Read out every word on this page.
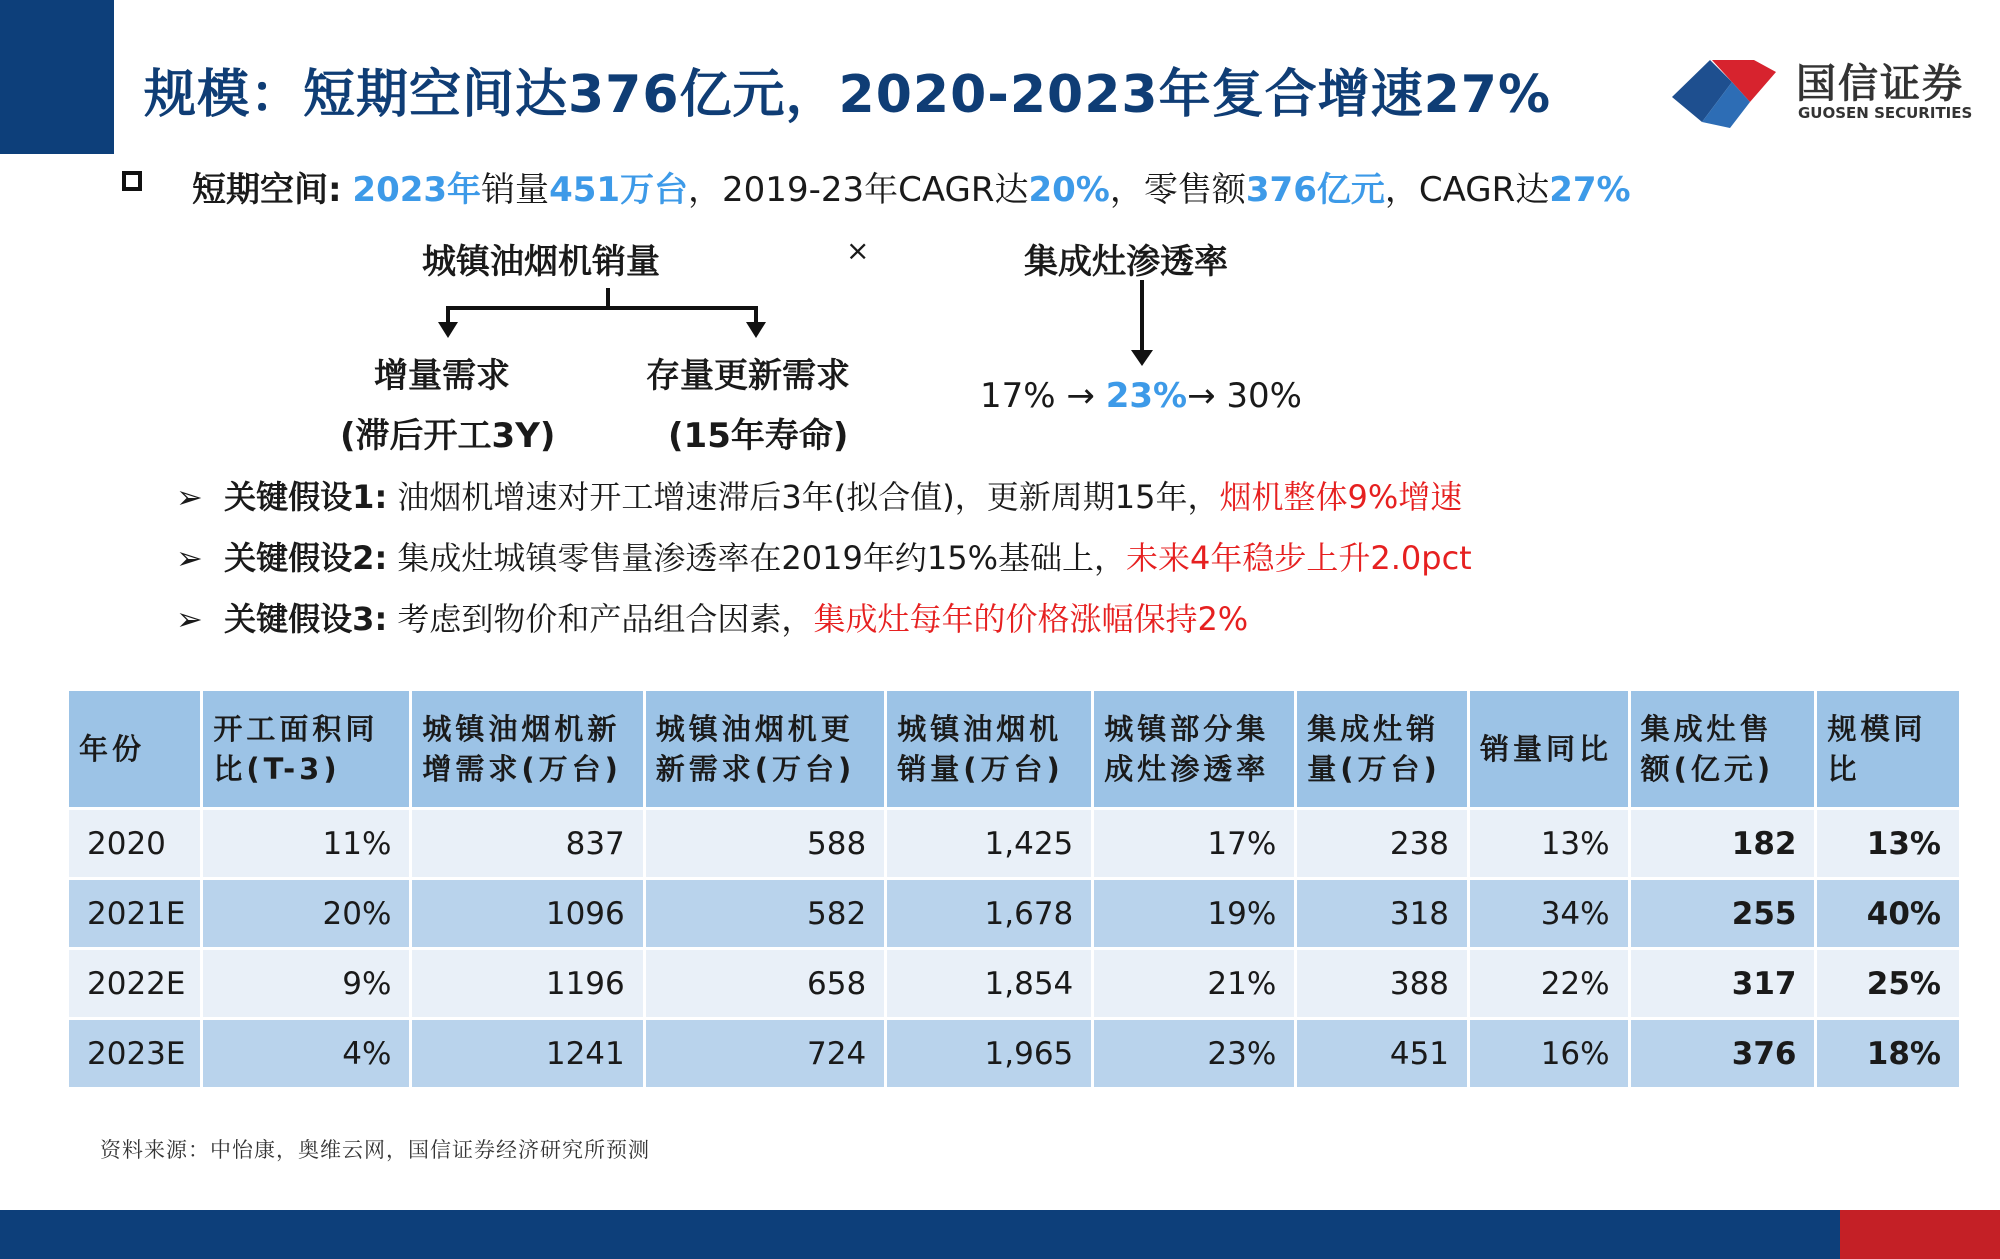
规模：短期空间达376亿元，2020-2023年复合增速27%	国信证券
GUOSEN SECURITIES
短期空间: 2023年销量451万台，2019-23年CAGR达20%，零售额376亿元，CAGR达27%
城镇油烟机销量	×	集成灶渗透率
增量需求
(滞后开工3Y)
存量更新需求
(15年寿命)
17% → 23%→ 30%
➢ 关键假设1: 油烟机增速对开工增速滞后3年(拟合值)，更新周期15年，烟机整体9%增速
➢ 关键假设2: 集成灶城镇零售量渗透率在2019年约15%基础上，未来4年稳步上升2.0pct
➢ 关键假设3: 考虑到物价和产品组合因素，集成灶每年的价格涨幅保持2%
年份	开工面积同比(T-3)	城镇油烟机新增需求(万台)	城镇油烟机更新需求(万台)	城镇油烟机销量(万台)	城镇部分集成灶渗透率	集成灶销量(万台)	销量同比	集成灶售额(亿元)	规模同比
2020	11%	837	588	1,425	17%	238	13%	182	13%
2021E	20%	1096	582	1,678	19%	318	34%	255	40%
2022E	9%	1196	658	1,854	21%	388	22%	317	25%
2023E	4%	1241	724	1,965	23%	451	16%	376	18%
资料来源：中怡康，奥维云网，国信证券经济研究所预测
